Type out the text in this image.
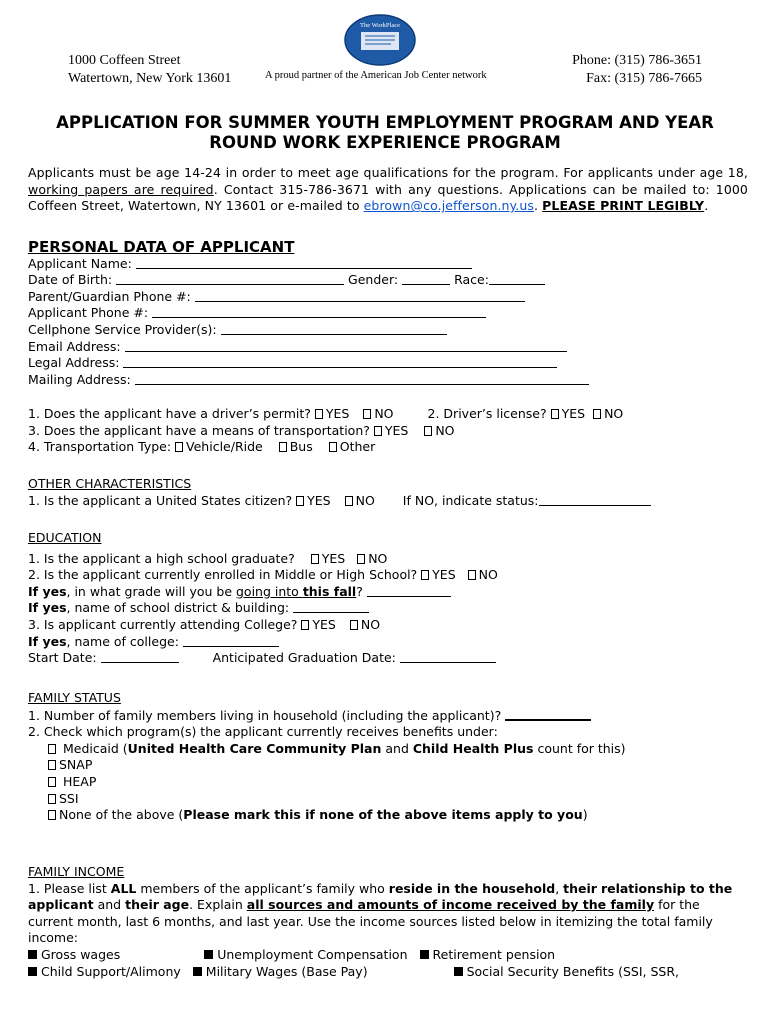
1000 Coffeen Street
Watertown, New York 13601
The WorkPlace
A proud partner of the American Job Center network
Phone: (315) 786-3651
Fax: (315) 786-7665
APPLICATION FOR SUMMER YOUTH EMPLOYMENT PROGRAM AND YEAR
ROUND WORK EXPERIENCE PROGRAM
Applicants must be age 14-24 in order to meet age qualifications for the program. For applicants under age 18, working papers are required. Contact 315-786-3671 with any questions. Applications can be mailed to: 1000 Coffeen Street, Watertown, NY 13601 or e-mailed to ebrown@co.jefferson.ny.us. PLEASE PRINT LEGIBLY.
PERSONAL DATA OF APPLICANT
Applicant Name:
Date of Birth:	Gender:	Race:
Parent/Guardian Phone #:
Applicant Phone #:
Cellphone Service Provider(s):
Email Address:
Legal Address:
Mailing Address:
1. Does the applicant have a driver’s permit? YES NO	2. Driver’s license? YES NO
3. Does the applicant have a means of transportation? YES NO
4. Transportation Type: Vehicle/Ride Bus Other
OTHER CHARACTERISTICS
1. Is the applicant a United States citizen? YES NO If NO, indicate status:
EDUCATION
1. Is the applicant a high school graduate? YES NO
2. Is the applicant currently enrolled in Middle or High School? YES NO
If yes, in what grade will you be going into this fall?
If yes, name of school district & building:
3. Is applicant currently attending College? YES NO
If yes, name of college:
Start Date:	Anticipated Graduation Date:
FAMILY STATUS
1. Number of family members living in household (including the applicant)?
2. Check which program(s) the applicant currently receives benefits under:
Medicaid (United Health Care Community Plan and Child Health Plus count for this)
SNAP
HEAP
SSI
None of the above (Please mark this if none of the above items apply to you)
FAMILY INCOME
1. Please list ALL members of the applicant’s family who reside in the household, their relationship to the applicant and their age. Explain all sources and amounts of income received by the family for the current month, last 6 months, and last year. Use the income sources listed below in itemizing the total family income:
Gross wages	Unemployment Compensation Retirement pension
Child Support/Alimony Military Wages (Base Pay)	Social Security Benefits (SSI, SSR,
